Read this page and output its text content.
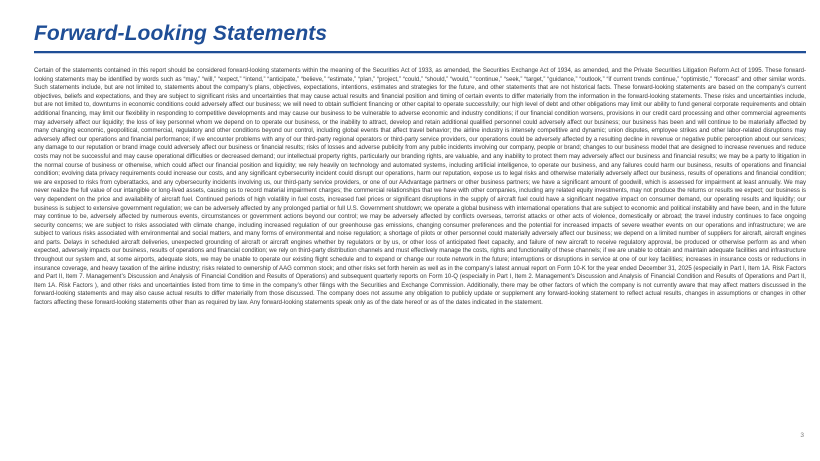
Forward-Looking Statements

Certain of the statements contained in this report should be considered forward-looking statements within the meaning of the Securities Act of 1933, as amended, the Securities Exchange Act of 1934, as amended, and the Private Securities Litigation Reform Act of 1995. These forward-looking statements may be identified by words such as “may,” “will,” “expect,” “intend,” “anticipate,” “believe,” “estimate,” “plan,” “project,” “could,” “should,” “would,” “continue,” “seek,” “target,” “guidance,” “outlook,” “if current trends continue,” “optimistic,” “forecast” and other similar words. Such statements include, but are not limited to, statements about the company’s plans, objectives, expectations, intentions, estimates and strategies for the future, and other statements that are not historical facts. These forward-looking statements are based on the company’s current objectives, beliefs and expectations, and they are subject to significant risks and uncertainties that may cause actual results and financial position and timing of certain events to differ materially from the information in the forward-looking statements. These risks and uncertainties include, but are not limited to, downturns in economic conditions could adversely affect our business; we will need to obtain sufficient financing or other capital to operate successfully; our high level of debt and other obligations may limit our ability to fund general corporate requirements and obtain additional financing, may limit our flexibility in responding to competitive developments and may cause our business to be vulnerable to adverse economic and industry conditions; if our financial condition worsens, provisions in our credit card processing and other commercial agreements may adversely affect our liquidity; the loss of key personnel whom we depend on to operate our business, or the inability to attract, develop and retain additional qualified personnel could adversely affect our business; our business has been and will continue to be materially affected by many changing economic, geopolitical, commercial, regulatory and other conditions beyond our control, including global events that affect travel behavior; the airline industry is intensely competitive and dynamic; union disputes, employee strikes and other labor-related disruptions may adversely affect our operations and financial performance; if we encounter problems with any of our third-party regional operators or third-party service providers, our operations could be adversely affected by a resulting decline in revenue or negative public perception about our services; any damage to our reputation or brand image could adversely affect our business or financial results; risks of losses and adverse publicity from any public incidents involving our company, people or brand; changes to our business model that are designed to increase revenues and reduce costs may not be successful and may cause operational difficulties or decreased demand; our intellectual property rights, particularly our branding rights, are valuable, and any inability to protect them may adversely affect our business and financial results; we may be a party to litigation in the normal course of business or otherwise, which could affect our financial position and liquidity; we rely heavily on technology and automated systems, including artificial intelligence, to operate our business, and any failures could harm our business, results of operations and financial condition; evolving data privacy requirements could increase our costs, and any significant cybersecurity incident could disrupt our operations, harm our reputation, expose us to legal risks and otherwise materially adversely affect our business, results of operations and financial condition; we are exposed to risks from cyberattacks, and any cybersecurity incidents involving us, our third-party service providers, or one of our AAdvantage partners or other business partners; we have a significant amount of goodwill, which is assessed for impairment at least annually. We may never realize the full value of our intangible or long-lived assets, causing us to record material impairment charges; the commercial relationships that we have with other companies, including any related equity investments, may not produce the returns or results we expect; our business is very dependent on the price and availability of aircraft fuel. Continued periods of high volatility in fuel costs, increased fuel prices or significant disruptions in the supply of aircraft fuel could have a significant negative impact on consumer demand, our operating results and liquidity; our business is subject to extensive government regulation; we can be adversely affected by any prolonged partial or full U.S. Government shutdown; we operate a global business with international operations that are subject to economic and political instability and have been, and in the future may continue to be, adversely affected by numerous events, circumstances or government actions beyond our control; we may be adversely affected by conflicts overseas, terrorist attacks or other acts of violence, domestically or abroad; the travel industry continues to face ongoing security concerns; we are subject to risks associated with climate change, including increased regulation of our greenhouse gas emissions, changing consumer preferences and the potential for increased impacts of severe weather events on our operations and infrastructure; we are subject to various risks associated with environmental and social matters, and many forms of environmental and noise regulation; a shortage of pilots or other personnel could materially adversely affect our business; we depend on a limited number of suppliers for aircraft, aircraft engines and parts. Delays in scheduled aircraft deliveries, unexpected grounding of aircraft or aircraft engines whether by regulators or by us, or other loss of anticipated fleet capacity, and failure of new aircraft to receive regulatory approval, be produced or otherwise perform as and when expected, adversely impacts our business, results of operations and financial condition; we rely on third-party distribution channels and must effectively manage the costs, rights and functionality of these channels; if we are unable to obtain and maintain adequate facilities and infrastructure throughout our system and, at some airports, adequate slots, we may be unable to operate our existing flight schedule and to expand or change our route network in the future; interruptions or disruptions in service at one of our key facilities; increases in insurance costs or reductions in insurance coverage, and heavy taxation of the airline industry; risks related to ownership of AAG common stock; and other risks set forth herein as well as in the company’s latest annual report on Form 10-K for the year ended December 31, 2025 (especially in Part I, Item 1A. Risk Factors and Part II, Item 7. Management’s Discussion and Analysis of Financial Condition and Results of Operations) and subsequent quarterly reports on Form 10-Q (especially in Part I, Item 2. Management’s Discussion and Analysis of Financial Condition and Results of Operations and Part II, Item 1A. Risk Factors ), and other risks and uncertainties listed from time to time in the company’s other filings with the Securities and Exchange Commission. Additionally, there may be other factors of which the company is not currently aware that may affect matters discussed in the forward-looking statements and may also cause actual results to differ materially from those discussed. The company does not assume any obligation to publicly update or supplement any forward-looking statement to reflect actual results, changes in assumptions or changes in other factors affecting these forward-looking statements other than as required by law. Any forward-looking statements speak only as of the date hereof or as of the dates indicated in the statement.

3
